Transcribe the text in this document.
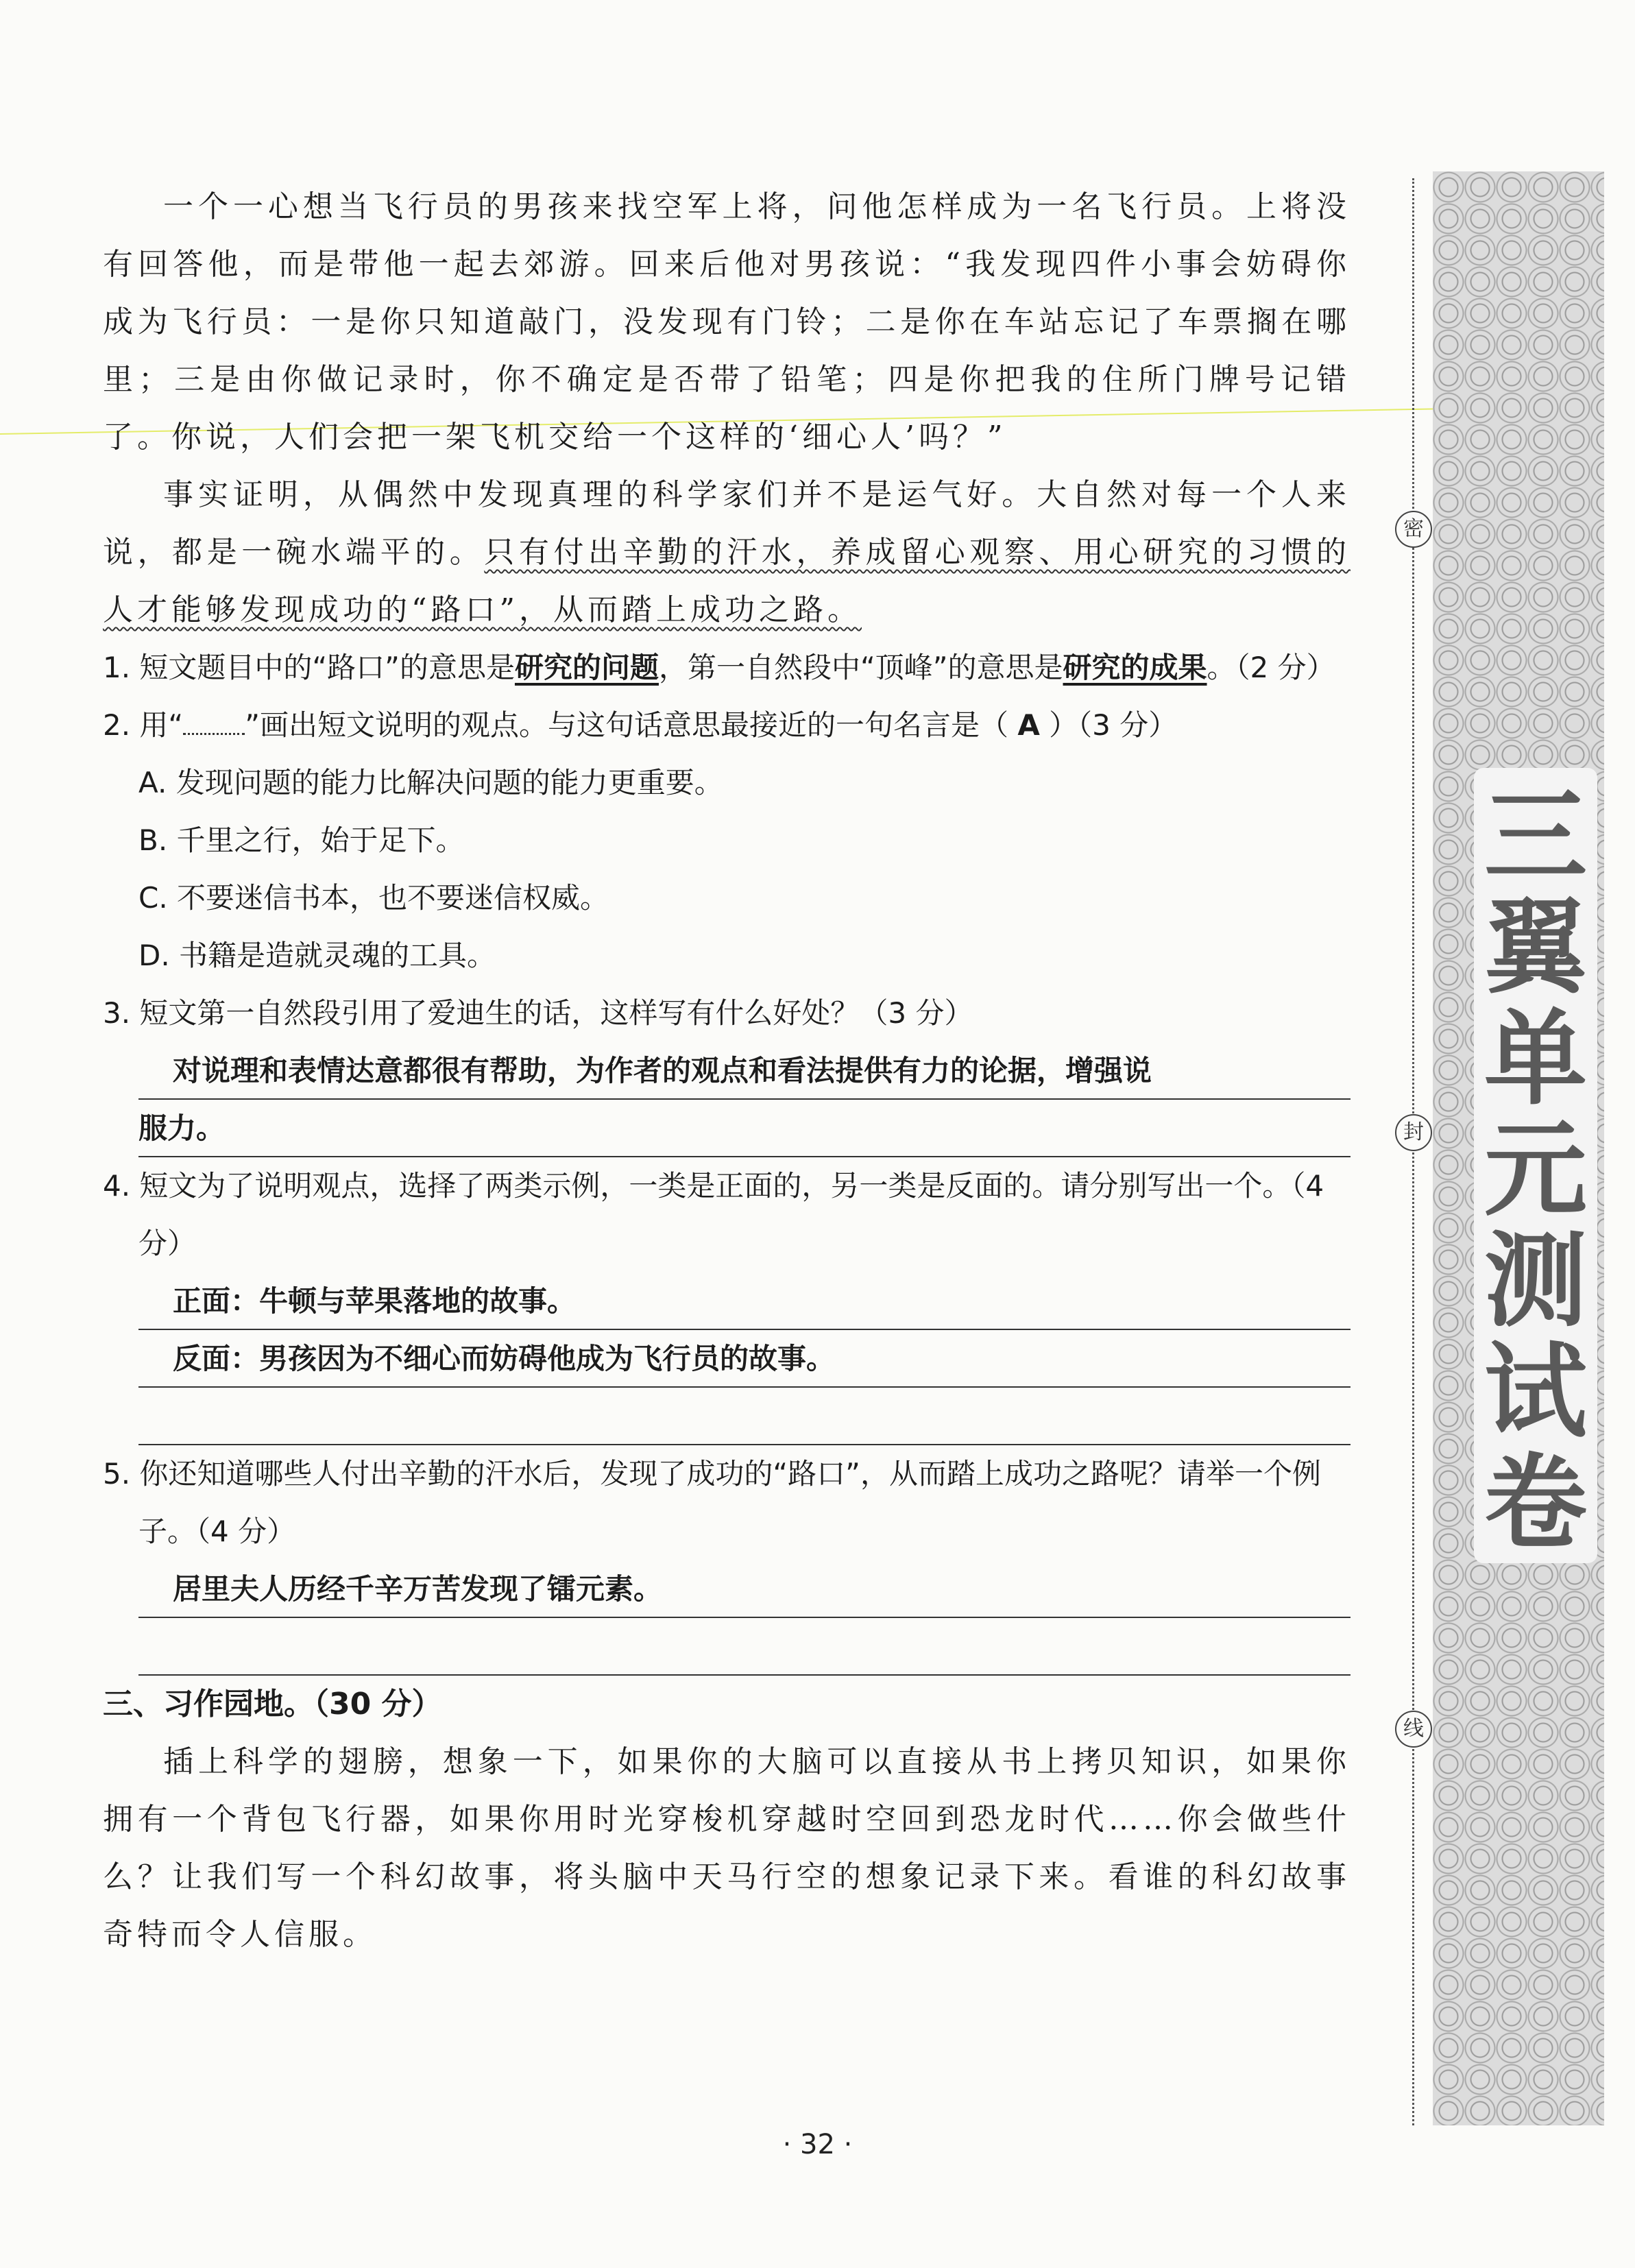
一个一心想当飞行员的男孩来找空军上将，问他怎样成为一名飞行员。上将没有回答他，而是带他一起去郊游。回来后他对男孩说：“我发现四件小事会妨碍你成为飞行员：一是你只知道敲门，没发现有门铃；二是你在车站忘记了车票搁在哪里；三是由你做记录时，你不确定是否带了铅笔；四是你把我的住所门牌号记错了。你说，人们会把一架飞机交给一个这样的‘细心人’吗？”

事实证明，从偶然中发现真理的科学家们并不是运气好。大自然对每一个人来说，都是一碗水端平的。只有付出辛勤的汗水，养成留心观察、用心研究的习惯的人才能够发现成功的“路口”，从而踏上成功之路。

1. 短文题目中的“路口”的意思是研究的问题，第一自然段中“顶峰”的意思是研究的成果。（2 分）

2. 用“ ”画出短文说明的观点。与这句话意思最接近的一句名言是（ A ）（3 分）

A. 发现问题的能力比解决问题的能力更重要。

B. 千里之行，始于足下。

C. 不要迷信书本，也不要迷信权威。

D. 书籍是造就灵魂的工具。

3. 短文第一自然段引用了爱迪生的话，这样写有什么好处？（3 分）

对说理和表情达意都很有帮助，为作者的观点和看法提供有力的论据，增强说
服力。

4. 短文为了说明观点，选择了两类示例，一类是正面的，另一类是反面的。请分别写出一个。（4 分）

正面：牛顿与苹果落地的故事。
反面：男孩因为不细心而妨碍他成为飞行员的故事。

5. 你还知道哪些人付出辛勤的汗水后，发现了成功的“路口”，从而踏上成功之路呢？请举一个例子。（4 分）

居里夫人历经千辛万苦发现了镭元素。

三、习作园地。（30 分）

插上科学的翅膀，想象一下，如果你的大脑可以直接从书上拷贝知识，如果你拥有一个背包飞行器，如果你用时光穿梭机穿越时空回到恐龙时代……你会做些什么？让我们写一个科幻故事，将头脑中天马行空的想象记录下来。看谁的科幻故事奇特而令人信服。

密
封
线
三
翼
单
元
测
试
卷
· 32 ·
